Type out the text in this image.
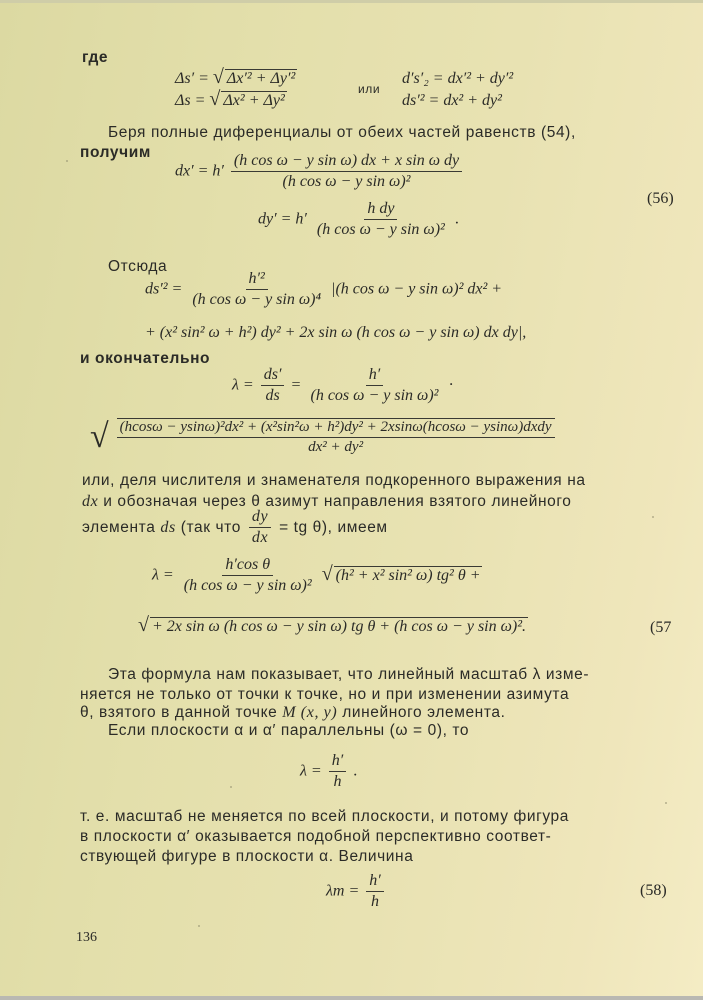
где
Δs′ = √ Δx′² + Δy′²
Δs = √ Δx² + Δy²
или
d′s′₂ = dx′² + dy′²
ds′² = dx² + dy²
Беря полные диференциалы от обеих частей равенств (54),
получим
$dx' = h' \frac{\text{(h cos ω − y sin ω) dx + x sin ω dy}}{\text{(h cos ω − y sin ω)²}}$
$dy' = h' \frac{\text{h dy}}{\text{(h cos ω − y sin ω)²}}$ .
(56)
Отсюда
$ds'^2 = \frac{\text{h′²}}{\text{(h cos ω − y sin ω)⁴}} |(h$ cos ω − y sin ω)² dx² +
+ (x² sin² ω + h²) dy² + 2x sin ω (h cos ω − y sin ω) dx dy|,
и окончательно
$\lambda = \frac{ds'}{ds} = \frac{h'}{\text{(h cos ω − y sin ω)²}}$ ·
√ (hcosω − ysinω)²dx² + (x²sin²ω + h²)dy² + 2xsinω(hcosω − ysinω)dxdy
dx² + dy²
или, деля числителя и знаменателя подкоренного выражения на
dx и обозначая через θ азимут направления взятого линейного
элемента ds (так что $\frac{dy}{dx}$ = tg θ), имеем
$\lambda = \frac{\text{h′cos θ}}{\text{(h cos ω − y sin ω)²}}$ √ (h² + x² sin² ω) tg² θ +
√ + 2x sin ω (h cos ω − y sin ω) tg θ + (h cos ω − y sin ω)².	(57
Эта формула нам показывает, что линейный масштаб λ изме-
няется не только от точки к точке, но и при изменении азимута
θ, взятого в данной точке M (x, y) линейного элемента.
Если плоскости α и α′ параллельны (ω = 0), то
$\lambda = \frac{h'}{h}$ .
т. е. масштаб не меняется по всей плоскости, и потому фигура
в плоскости α′ оказывается подобной перспективно соответ-
ствующей фигуре в плоскости α. Величина
$\lambda m = \frac{h'}{h}$	(58)
136
